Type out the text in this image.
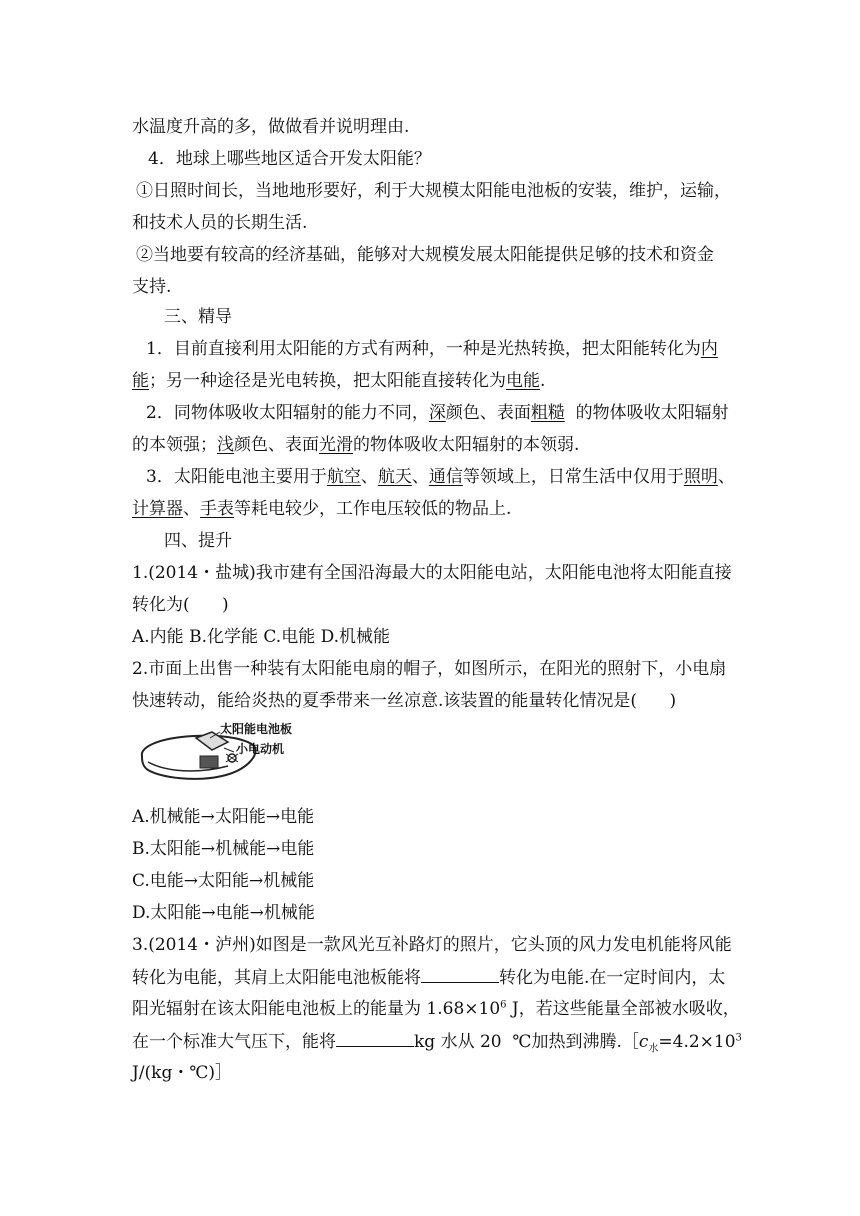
水温度升高的多，做做看并说明理由.
4．地球上哪些地区适合开发太阳能？
①日照时间长，当地地形要好，利于大规模太阳能电池板的安装，维护，运输，
和技术人员的长期生活.
②当地要有较高的经济基础，能够对大规模发展太阳能提供足够的技术和资金
支持.
三、精导
1．目前直接利用太阳能的方式有两种，一种是光热转换，把太阳能转化为内
能；另一种途径是光电转换，把太阳能直接转化为电能.
2．同物体吸收太阳辐射的能力不同，深颜色、表面粗糙  的物体吸收太阳辐射
的本领强；浅颜色、表面光滑的物体吸收太阳辐射的本领弱.
3．太阳能电池主要用于航空、航天、通信等领域上，日常生活中仅用于照明、
计算器、手表等耗电较少，工作电压较低的物品上.
四、提升
1.(2014・盐城)我市建有全国沿海最大的太阳能电站，太阳能电池将太阳能直接
转化为(      )
A.内能 B.化学能 C.电能 D.机械能
2.市面上出售一种装有太阳能电扇的帽子，如图所示，在阳光的照射下，小电扇
快速转动，能给炎热的夏季带来一丝凉意.该装置的能量转化情况是(      )
太阳能电池板
小电动机
A.机械能→太阳能→电能
B.太阳能→机械能→电能
C.电能→太阳能→机械能
D.太阳能→电能→机械能
3.(2014・泸州)如图是一款风光互补路灯的照片，它头顶的风力发电机能将风能
转化为电能，其肩上太阳能电池板能将	转化为电能.在一定时间内，太
阳光辐射在该太阳能电池板上的能量为 $1.68\times 10^6$ J，若这些能量全部被水吸收，
在一个标准大气压下，能将	kg 水从 20  ℃加热到沸腾$.[c_水=4.2\times 10^3$
J/(kg・℃)］
